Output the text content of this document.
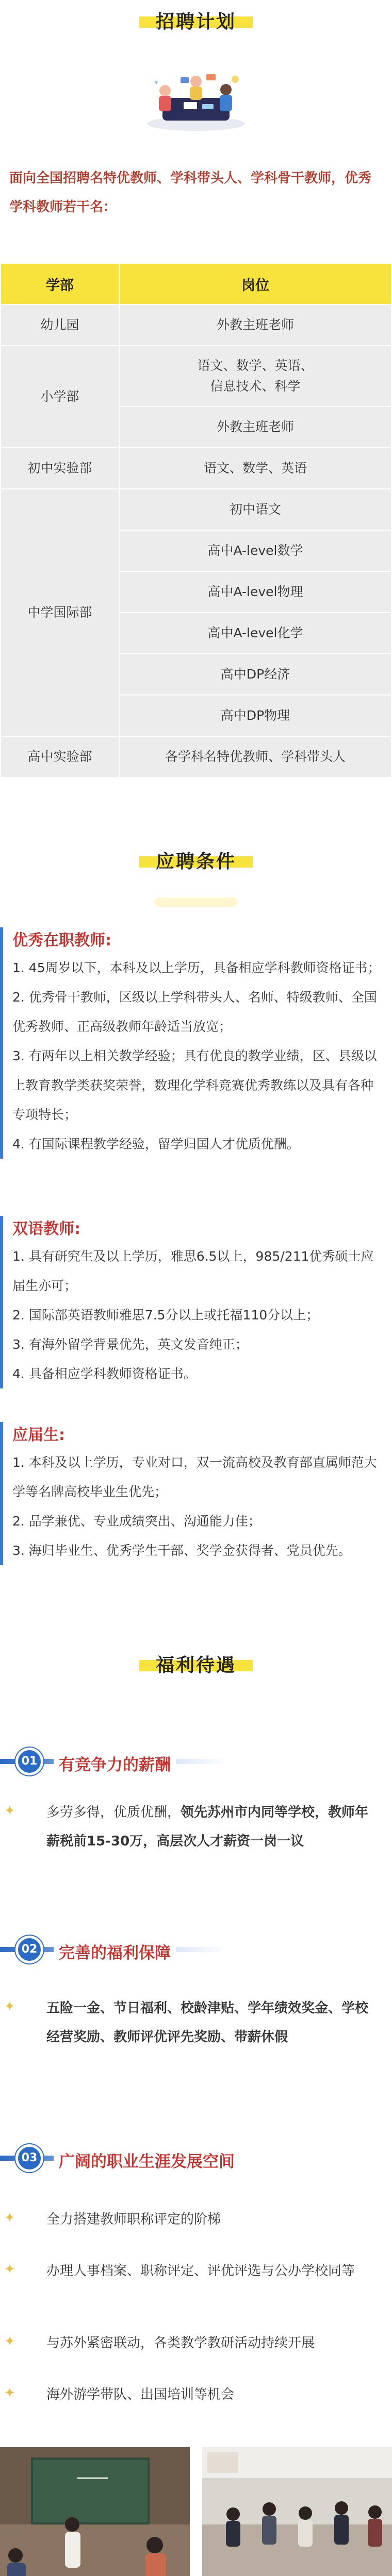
招聘计划
面向全国招聘名特优教师、学科带头人、学科骨干教师，优秀学科教师若干名：
学部	岗位
幼儿园	外教主班老师
小学部	语文、数学、英语、
信息技术、科学
	外教主班老师
初中实验部	语文、数学、英语
中学国际部	初中语文
	高中A-level数学
	高中A-level物理
	高中A-level化学
	高中DP经济
	高中DP物理
高中实验部	各学科名特优教师、学科带头人
应聘条件
优秀在职教师:

1. 45周岁以下，本科及以上学历，具备相应学科教师资格证书；

2. 优秀骨干教师，区级以上学科带头人、名师、特级教师、全国优秀教师、正高级教师年龄适当放宽；

3. 有两年以上相关教学经验；具有优良的教学业绩，区、县级以上教育教学类获奖荣誉，数理化学科竞赛优秀教练以及具有各种专项特长；

4. 有国际课程教学经验，留学归国人才优质优酬。

双语教师:

1. 具有研究生及以上学历，雅思6.5以上，985/211优秀硕士应届生亦可；

2. 国际部英语教师雅思7.5分以上或托福110分以上；

3. 有海外留学背景优先，英文发音纯正；

4. 具备相应学科教师资格证书。

应届生:

1. 本科及以上学历，专业对口，双一流高校及教育部直属师范大学等名牌高校毕业生优先；

2. 品学兼优、专业成绩突出、沟通能力佳；

3. 海归毕业生、优秀学生干部、奖学金获得者、党员优先。

福利待遇
01	有竞争力的薪酬
✦ 多劳多得，优质优酬，领先苏州市内同等学校，教师年薪税前15-30万，高层次人才薪资一岗一议
02	完善的福利保障
✦ 五险一金、节日福利、校龄津贴、学年绩效奖金、学校经营奖励、教师评优评先奖励、带薪休假
03	广阔的职业生涯发展空间
✦ 全力搭建教师职称评定的阶梯
✦ 办理人事档案、职称评定、评优评选与公办学校同等
✦ 与苏外紧密联动，各类教学教研活动持续开展
✦ 海外游学带队、出国培训等机会
